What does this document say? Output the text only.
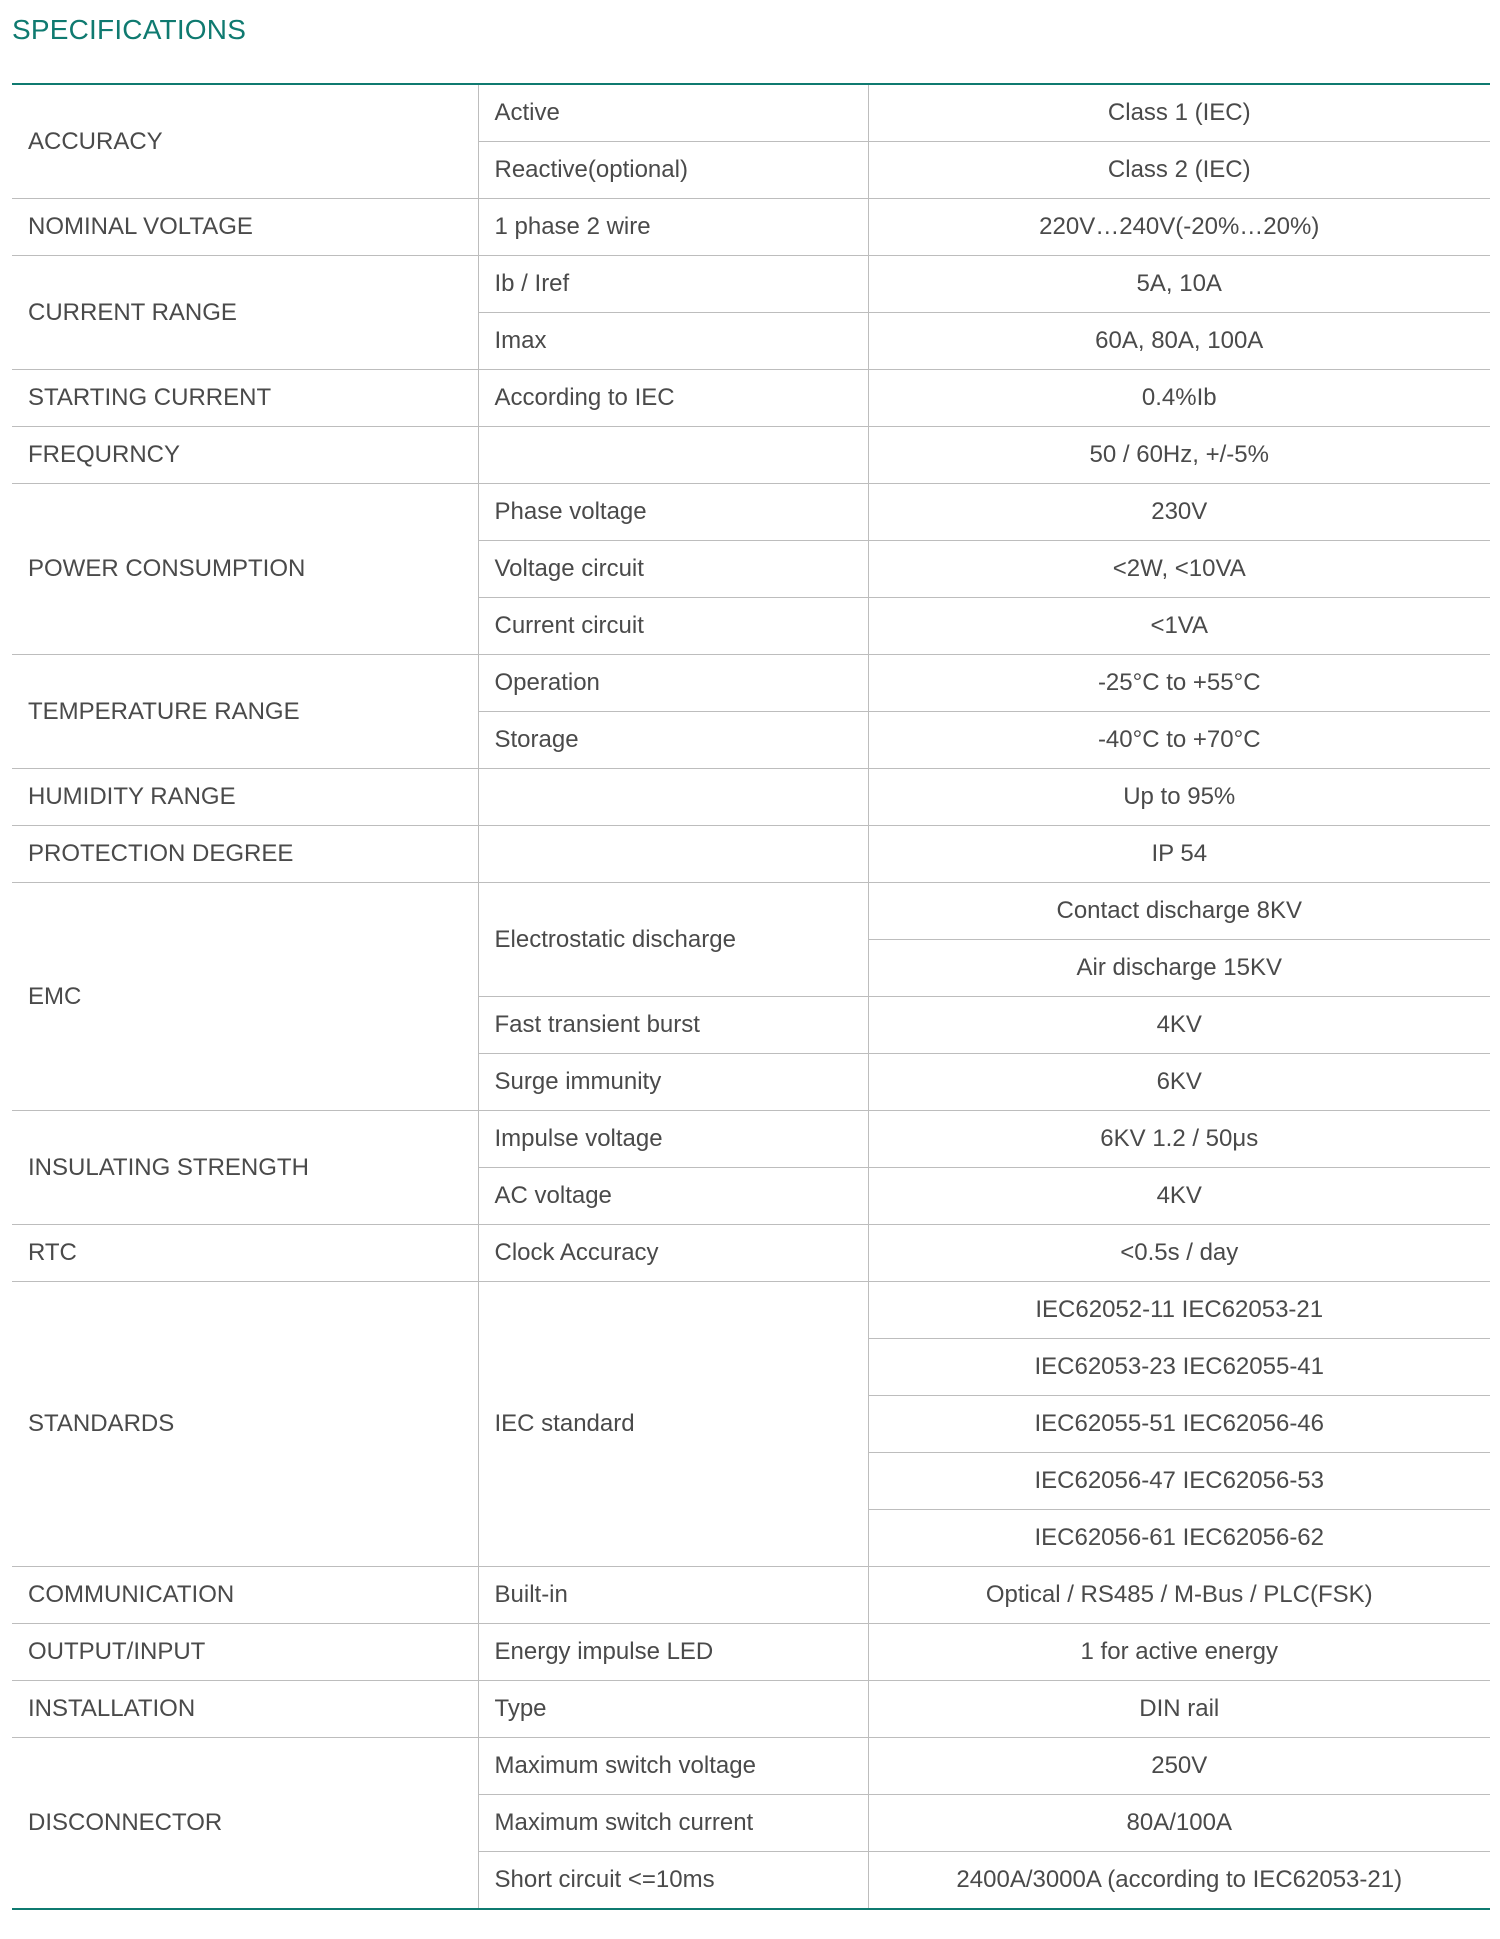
SPECIFICATIONS
ACCURACY	Active	Class 1 (IEC)
	Reactive(optional)	Class 2 (IEC)
NOMINAL VOLTAGE	1 phase 2 wire	220V…240V(-20%…20%)
CURRENT RANGE	Ib / Iref	5A, 10A
	Imax	60A, 80A, 100A
STARTING CURRENT	According to IEC	0.4%Ib
FREQURNCY		50 / 60Hz, +/-5%
POWER CONSUMPTION	Phase voltage	230V
	Voltage circuit	<2W, <10VA
	Current circuit	<1VA
TEMPERATURE RANGE	Operation	-25°C to +55°C
	Storage	-40°C to +70°C
HUMIDITY RANGE		Up to 95%
PROTECTION DEGREE		IP 54
EMC	Electrostatic discharge	Contact discharge 8KV
		Air discharge 15KV
	Fast transient burst	4KV
	Surge immunity	6KV
INSULATING STRENGTH	Impulse voltage	6KV 1.2 / 50μs
	AC voltage	4KV
RTC	Clock Accuracy	<0.5s / day
STANDARDS	IEC standard	IEC62052-11 IEC62053-21
		IEC62053-23 IEC62055-41
		IEC62055-51 IEC62056-46
		IEC62056-47 IEC62056-53
		IEC62056-61 IEC62056-62
COMMUNICATION	Built-in	Optical / RS485 / M-Bus / PLC(FSK)
OUTPUT/INPUT	Energy impulse LED	1 for active energy
INSTALLATION	Type	DIN rail
DISCONNECTOR	Maximum switch voltage	250V
	Maximum switch current	80A/100A
	Short circuit <=10ms	2400A/3000A (according to IEC62053-21)
